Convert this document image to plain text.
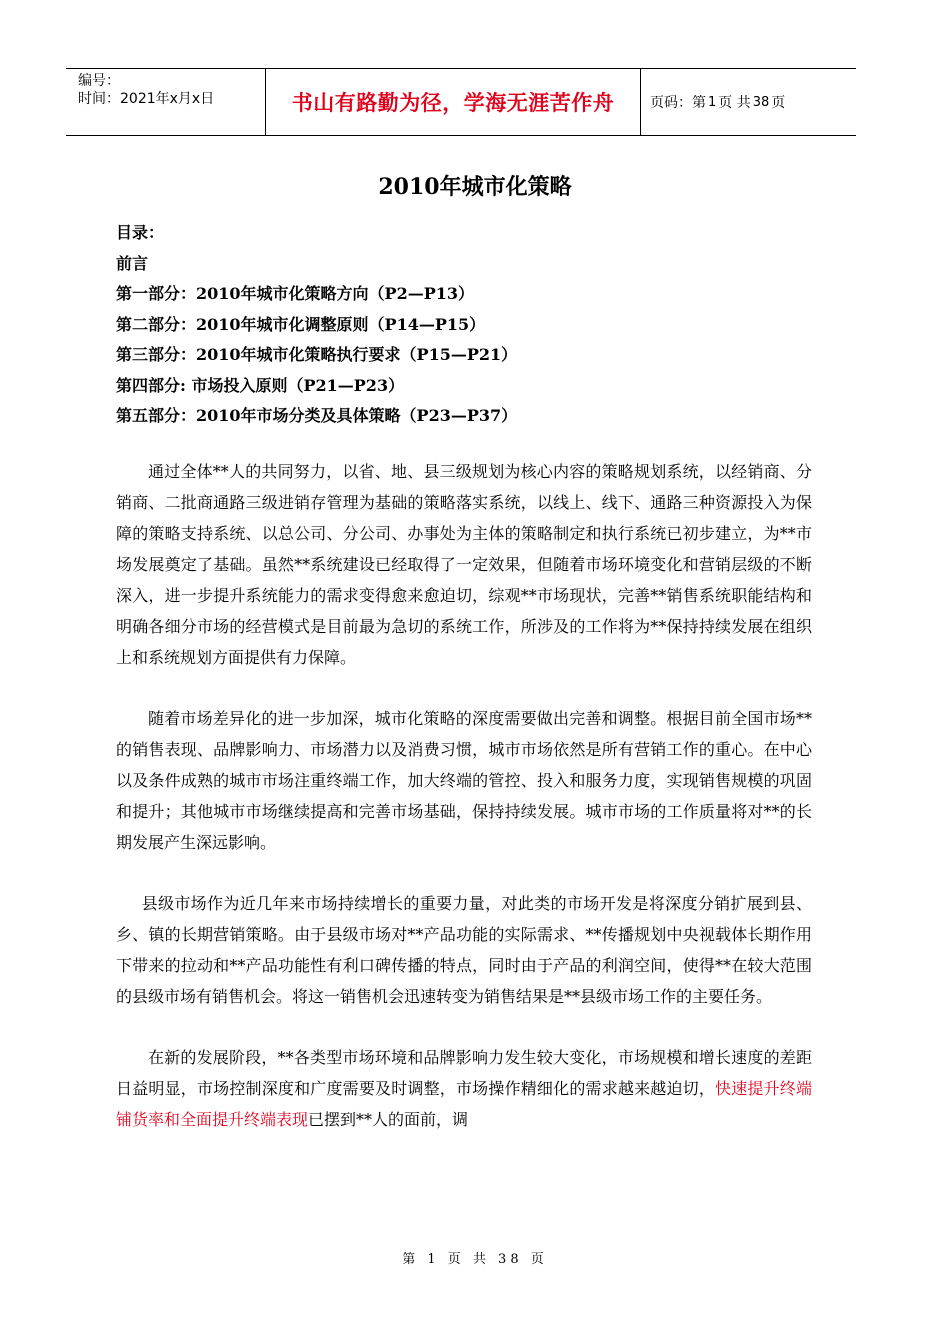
编号：
时间：2021年x月x日	书山有路勤为径，学海无涯苦作舟	页码：第 1 页 共 38 页
2010年城市化策略
目录：
前言
第一部分：2010年城市化策略方向（P2—P13）
第二部分：2010年城市化调整原则（P14—P15）
第三部分：2010年城市化策略执行要求（P15—P21）
第四部分: 市场投入原则（P21—P23）
第五部分：2010年市场分类及具体策略（P23—P37）

通过全体**人的共同努力，以省、地、县三级规划为核心内容的策略规划系统，以经销商、分销商、二批商通路三级进销存管理为基础的策略落实系统，以线上、线下、通路三种资源投入为保障的策略支持系统、以总公司、分公司、办事处为主体的策略制定和执行系统已初步建立，为**市场发展奠定了基础。虽然**系统建设已经取得了一定效果，但随着市场环境变化和营销层级的不断深入，进一步提升系统能力的需求变得愈来愈迫切，综观**市场现状，完善**销售系统职能结构和明确各细分市场的经营模式是目前最为急切的系统工作，所涉及的工作将为**保持持续发展在组织上和系统规划方面提供有力保障。

随着市场差异化的进一步加深，城市化策略的深度需要做出完善和调整。根据目前全国市场**的销售表现、品牌影响力、市场潜力以及消费习惯，城市市场依然是所有营销工作的重心。在中心以及条件成熟的城市市场注重终端工作，加大终端的管控、投入和服务力度，实现销售规模的巩固和提升；其他城市市场继续提高和完善市场基础，保持持续发展。城市市场的工作质量将对**的长期发展产生深远影响。

县级市场作为近几年来市场持续增长的重要力量，对此类的市场开发是将深度分销扩展到县、乡、镇的长期营销策略。由于县级市场对**产品功能的实际需求、**传播规划中央视载体长期作用下带来的拉动和**产品功能性有利口碑传播的特点，同时由于产品的利润空间，使得**在较大范围的县级市场有销售机会。将这一销售机会迅速转变为销售结果是**县级市场工作的主要任务。

在新的发展阶段，**各类型市场环境和品牌影响力发生较大变化，市场规模和增长速度的差距日益明显，市场控制深度和广度需要及时调整，市场操作精细化的需求越来越迫切，快速提升终端铺货率和全面提升终端表现已摆到**人的面前，调

第 1 页 共 38 页
